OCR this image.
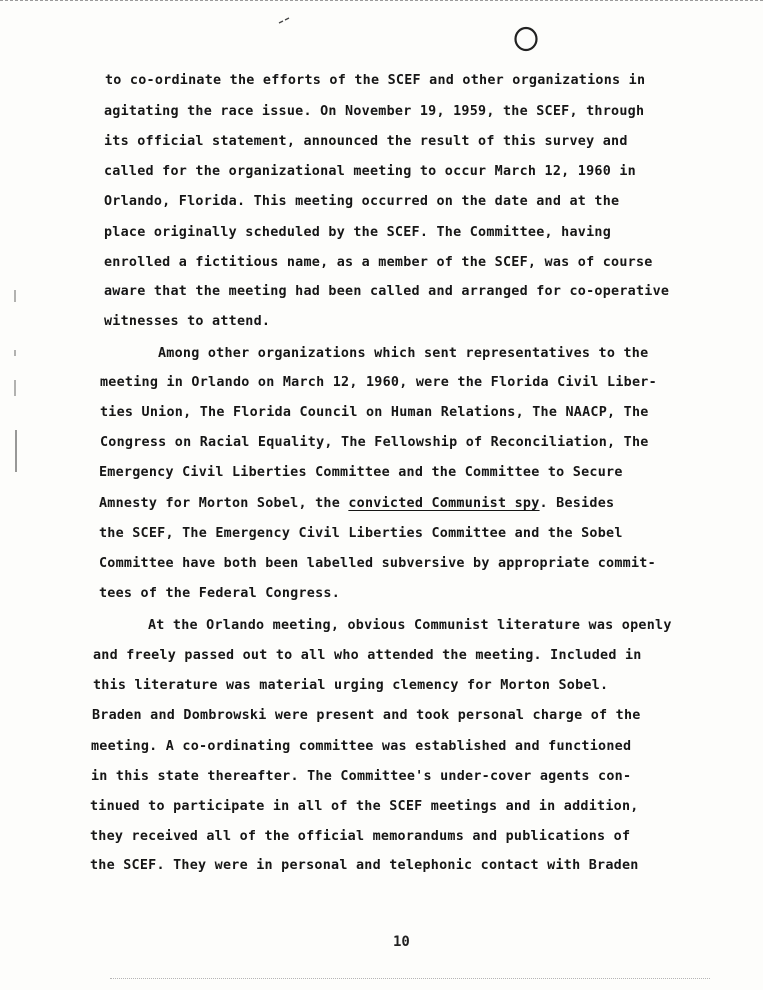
to co-ordinate the efforts of the SCEF and other organizations in
agitating the race issue. On November 19, 1959, the SCEF, through
its official statement, announced the result of this survey and
called for the organizational meeting to occur March 12, 1960 in
Orlando, Florida. This meeting occurred on the date and at the
place originally scheduled by the SCEF. The Committee, having
enrolled a fictitious name, as a member of the SCEF, was of course
aware that the meeting had been called and arranged for co-operative
witnesses to attend.
Among other organizations which sent representatives to the
meeting in Orlando on March 12, 1960, were the Florida Civil Liber-
ties Union, The Florida Council on Human Relations, The NAACP, The
Congress on Racial Equality, The Fellowship of Reconciliation, The
Emergency Civil Liberties Committee and the Committee to Secure
Amnesty for Morton Sobel, the convicted Communist spy. Besides
the SCEF, The Emergency Civil Liberties Committee and the Sobel
Committee have both been labelled subversive by appropriate commit-
tees of the Federal Congress.
At the Orlando meeting, obvious Communist literature was openly
and freely passed out to all who attended the meeting. Included in
this literature was material urging clemency for Morton Sobel.
Braden and Dombrowski were present and took personal charge of the
meeting. A co-ordinating committee was established and functioned
in this state thereafter. The Committee's under-cover agents con-
tinued to participate in all of the SCEF meetings and in addition,
they received all of the official memorandums and publications of
the SCEF. They were in personal and telephonic contact with Braden
10
